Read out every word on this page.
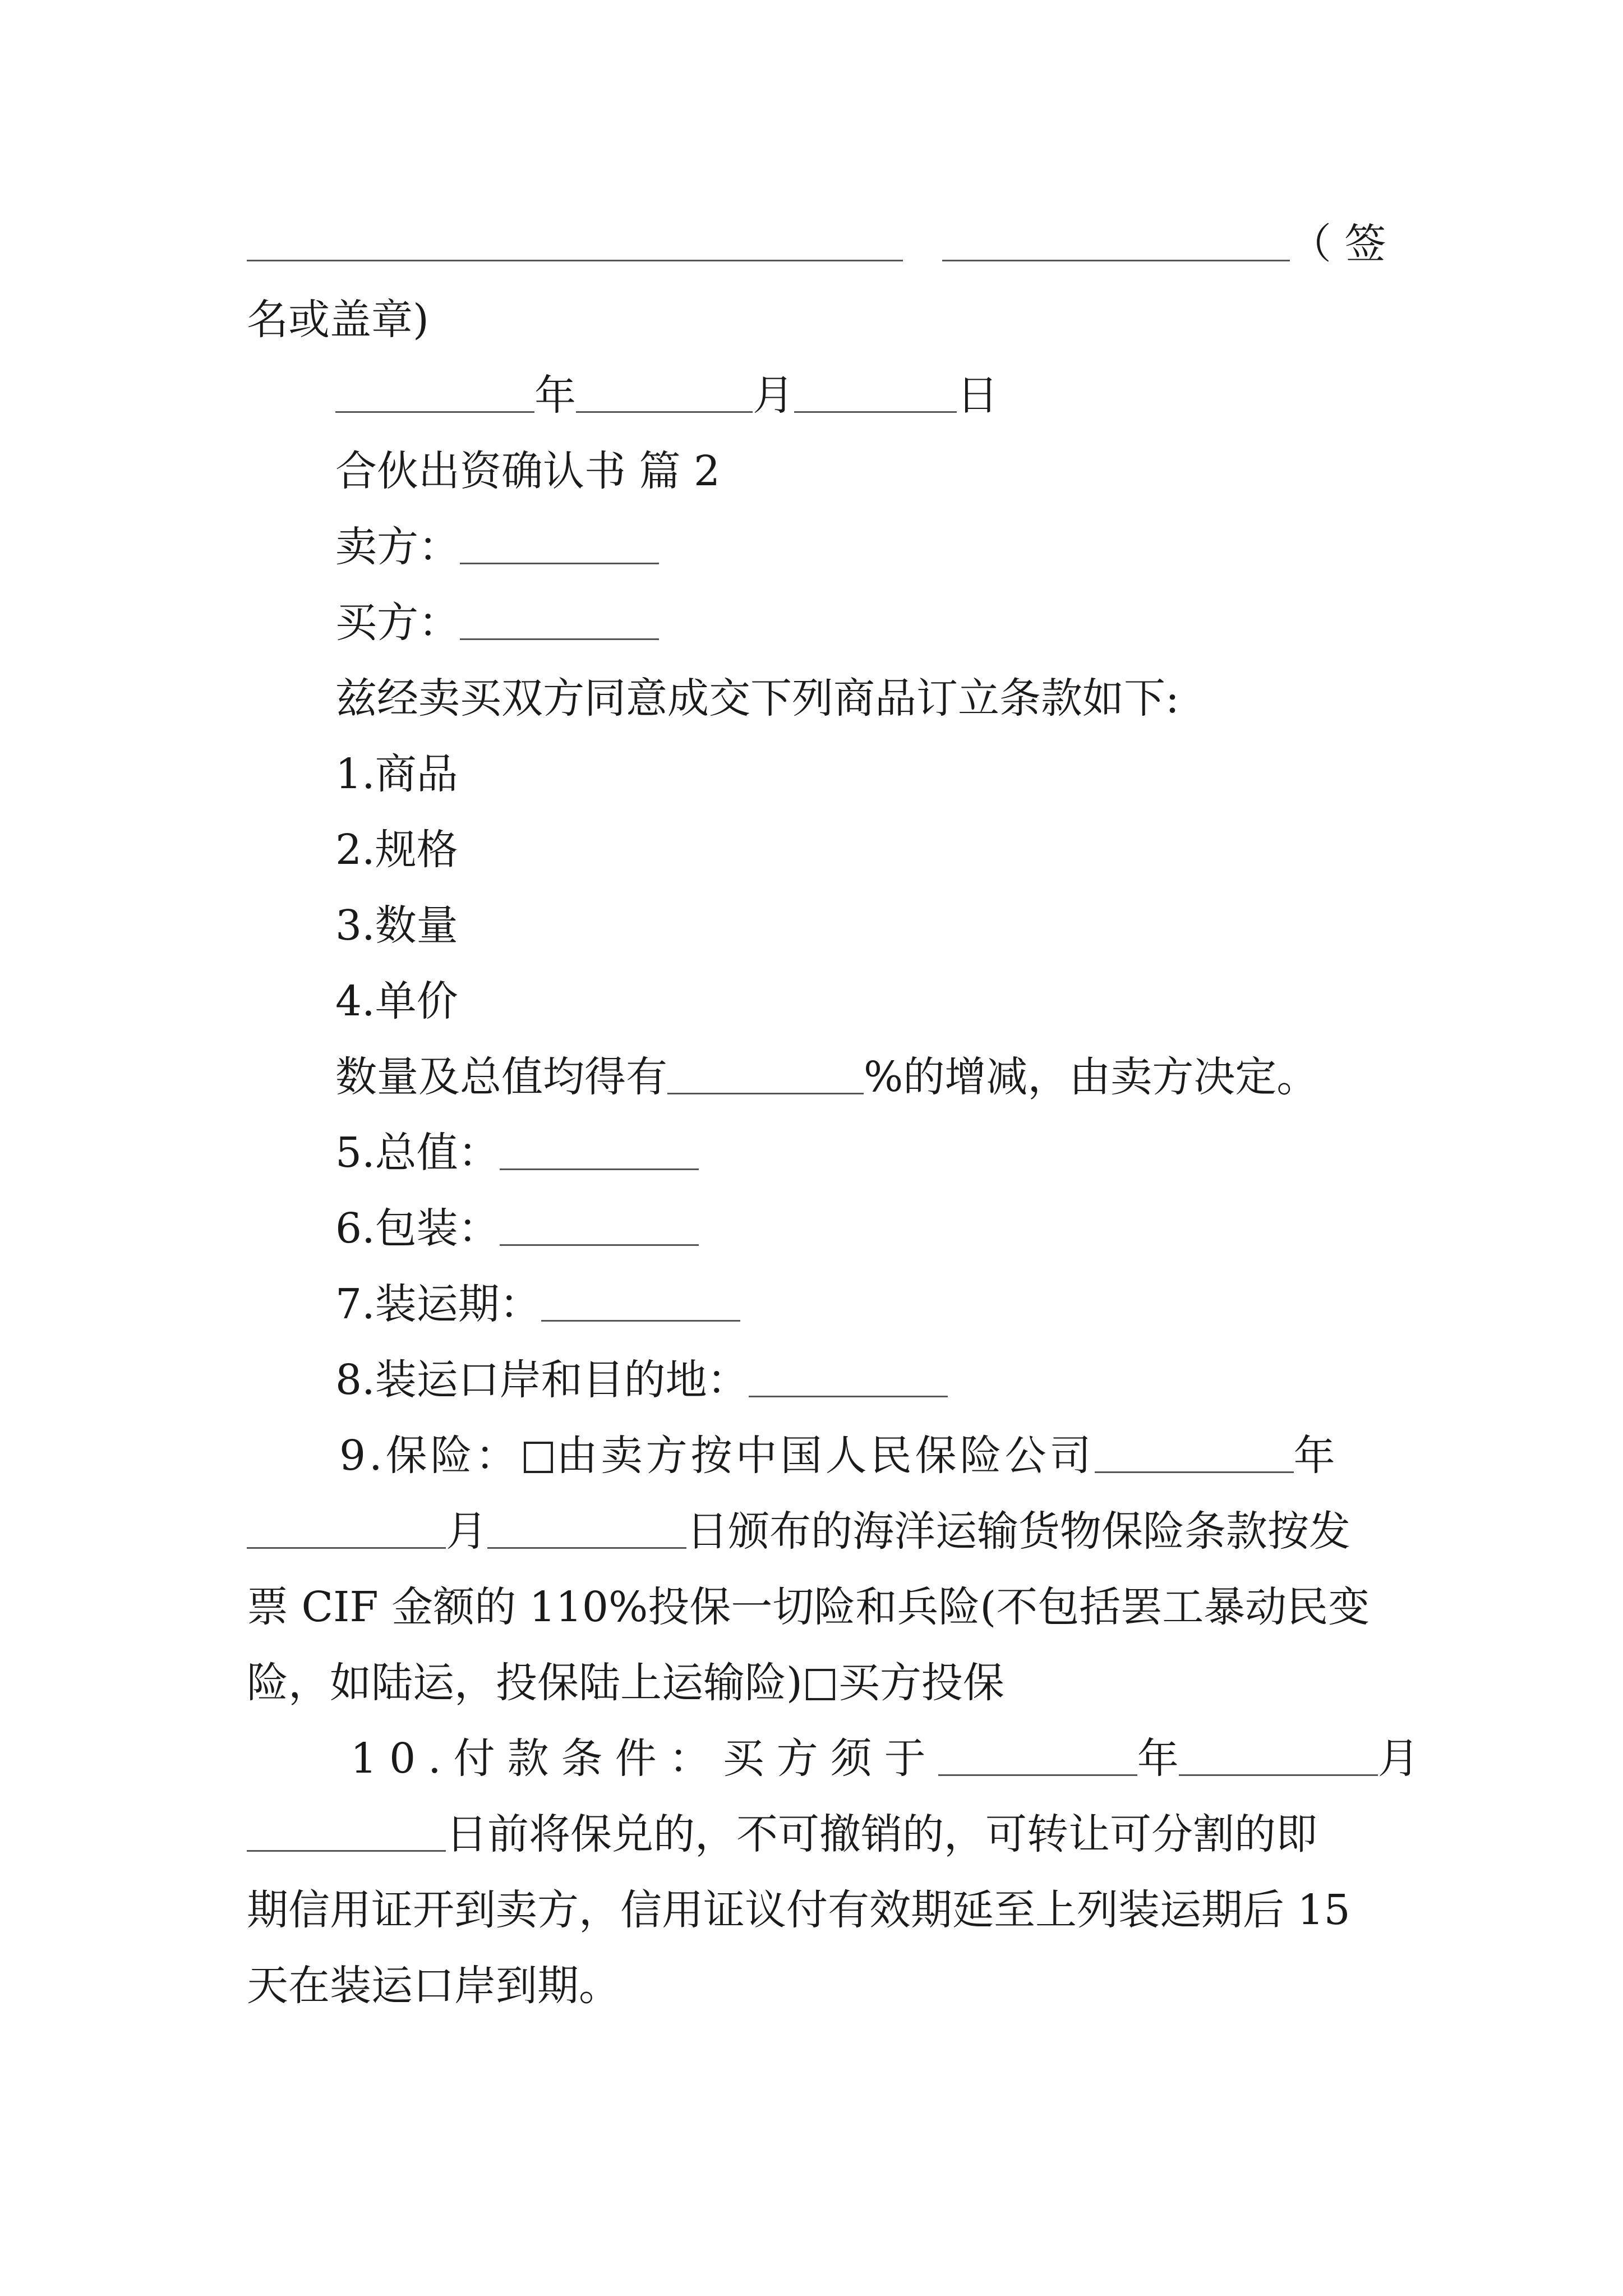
（ 签
名或盖章)
年	月	日
合伙出资确认书 篇 2
卖方：
买方：
兹经卖买双方同意成交下列商品订立条款如下:
1.商品
2.规格
3.数量
4.单价
数量及总值均得有	%的增减，由卖方决定。
5.总值：
6.包装：
7.装运期：
8.装运口岸和目的地：
9.保险： 由卖方按中国人民保险公司	年
月	日颁布的海洋运输货物保险条款按发
票 CIF 金额的 110%投保一切险和兵险(不包括罢工暴动民变
险，如陆运，投保陆上运输险) 买方投保
10.付款条件：买方须于	年	月
日前将保兑的，不可撤销的，可转让可分割的即
期信用证开到卖方，信用证议付有效期延至上列装运期后 15
天在装运口岸到期。
